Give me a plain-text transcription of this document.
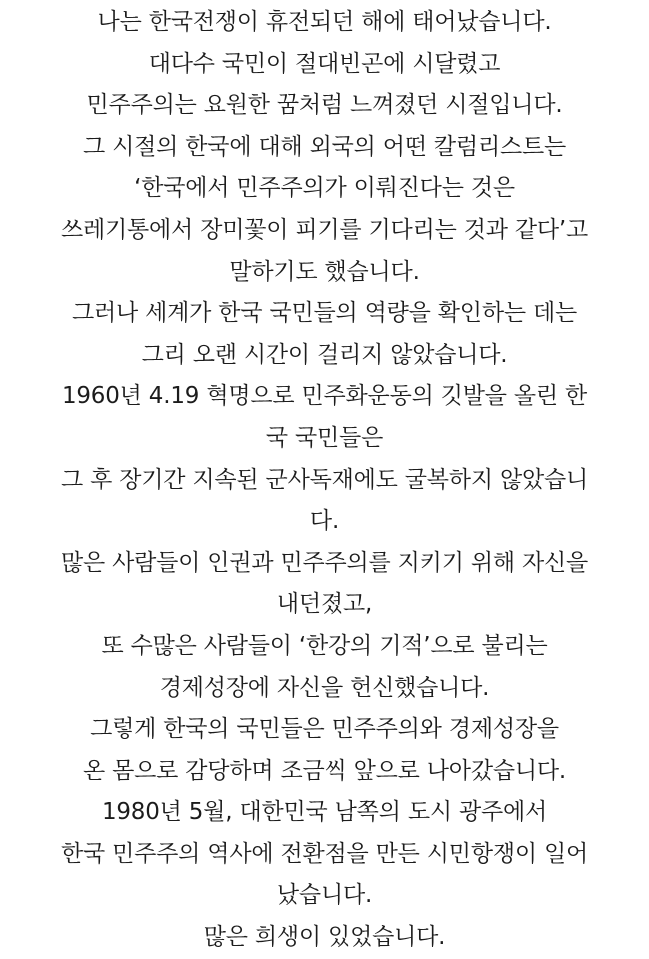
나는 한국전쟁이 휴전되던 해에 태어났습니다.
대다수 국민이 절대빈곤에 시달렸고
민주주의는 요원한 꿈처럼 느껴졌던 시절입니다.
그 시절의 한국에 대해 외국의 어떤 칼럼리스트는
‘한국에서 민주주의가 이뤄진다는 것은
쓰레기통에서 장미꽃이 피기를 기다리는 것과 같다’고
말하기도 했습니다.
그러나 세계가 한국 국민들의 역량을 확인하는 데는
그리 오랜 시간이 걸리지 않았습니다.
1960년 4.19 혁명으로 민주화운동의 깃발을 올린 한
국 국민들은
그 후 장기간 지속된 군사독재에도 굴복하지 않았습니
다.
많은 사람들이 인권과 민주주의를 지키기 위해 자신을
내던졌고,
또 수많은 사람들이 ‘한강의 기적’으로 불리는
경제성장에 자신을 헌신했습니다.
그렇게 한국의 국민들은 민주주의와 경제성장을
온 몸으로 감당하며 조금씩 앞으로 나아갔습니다.
1980년 5월, 대한민국 남쪽의 도시 광주에서
한국 민주주의 역사에 전환점을 만든 시민항쟁이 일어
났습니다.
많은 희생이 있었습니다.
